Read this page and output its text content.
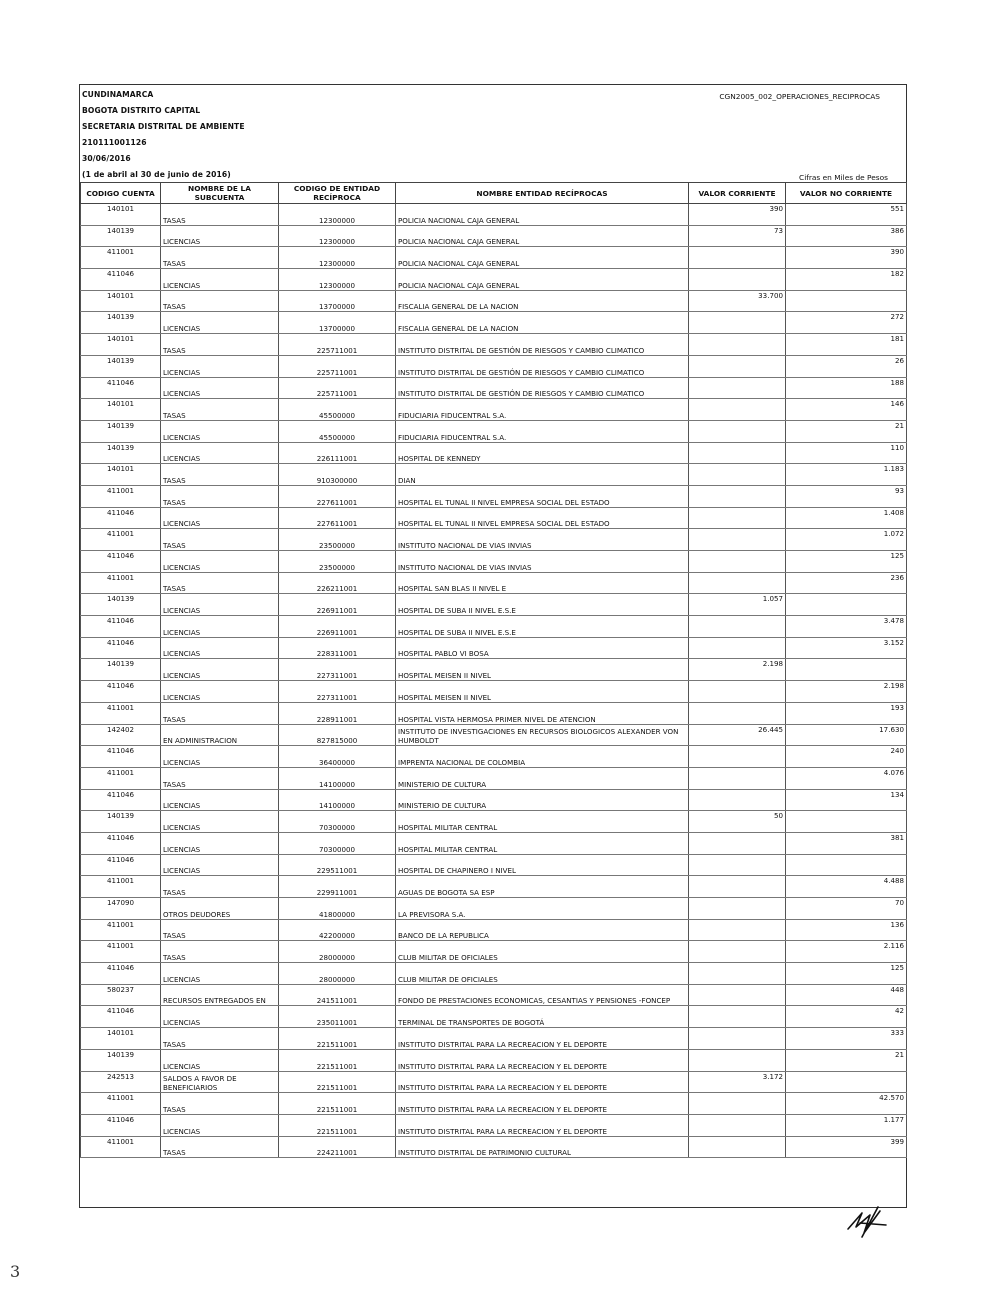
CUNDINAMARCA
BOGOTA DISTRITO CAPITAL
SECRETARIA DISTRITAL DE AMBIENTE
210111001126
30/06/2016
(1 de abril al 30 de junio de 2016)
CGN2005_002_OPERACIONES_RECIPROCAS
Cifras en Miles de Pesos
CODIGO CUENTA	NOMBRE DE LA SUBCUENTA	CODIGO DE ENTIDAD RECÍPROCA	NOMBRE ENTIDAD RECÍPROCAS	VALOR CORRIENTE	VALOR NO CORRIENTE
140101	TASAS	12300000	POLICIA NACIONAL CAJA GENERAL	390	551
140139	LICENCIAS	12300000	POLICIA NACIONAL CAJA GENERAL	73	386
411001	TASAS	12300000	POLICIA NACIONAL CAJA GENERAL		390
411046	LICENCIAS	12300000	POLICIA NACIONAL CAJA GENERAL		182
140101	TASAS	13700000	FISCALIA GENERAL DE LA NACION	33.700	
140139	LICENCIAS	13700000	FISCALIA GENERAL DE LA NACION		272
140101	TASAS	225711001	INSTITUTO DISTRITAL DE GESTIÓN DE RIESGOS Y CAMBIO CLIMATICO		181
140139	LICENCIAS	225711001	INSTITUTO DISTRITAL DE GESTIÓN DE RIESGOS Y CAMBIO CLIMATICO		26
411046	LICENCIAS	225711001	INSTITUTO DISTRITAL DE GESTIÓN DE RIESGOS Y CAMBIO CLIMATICO		188
140101	TASAS	45500000	FIDUCIARIA FIDUCENTRAL S.A.		146
140139	LICENCIAS	45500000	FIDUCIARIA FIDUCENTRAL S.A.		21
140139	LICENCIAS	226111001	HOSPITAL DE KENNEDY		110
140101	TASAS	910300000	DIAN		1.183
411001	TASAS	227611001	HOSPITAL EL TUNAL II NIVEL EMPRESA SOCIAL DEL ESTADO		93
411046	LICENCIAS	227611001	HOSPITAL EL TUNAL II NIVEL EMPRESA SOCIAL DEL ESTADO		1.408
411001	TASAS	23500000	INSTITUTO NACIONAL DE VIAS INVIAS		1.072
411046	LICENCIAS	23500000	INSTITUTO NACIONAL DE VIAS INVIAS		125
411001	TASAS	226211001	HOSPITAL SAN BLAS II NIVEL E		236
140139	LICENCIAS	226911001	HOSPITAL DE SUBA II NIVEL E.S.E	1.057	
411046	LICENCIAS	226911001	HOSPITAL DE SUBA II NIVEL E.S.E		3.478
411046	LICENCIAS	228311001	HOSPITAL PABLO VI BOSA		3.152
140139	LICENCIAS	227311001	HOSPITAL MEISEN II NIVEL	2.198	
411046	LICENCIAS	227311001	HOSPITAL MEISEN II NIVEL		2.198
411001	TASAS	228911001	HOSPITAL VISTA HERMOSA PRIMER NIVEL DE ATENCION		193
142402	EN ADMINISTRACION	827815000	INSTITUTO DE INVESTIGACIONES EN RECURSOS BIOLOGICOS ALEXANDER VON HUMBOLDT	26.445	17.630
411046	LICENCIAS	36400000	IMPRENTA NACIONAL DE COLOMBIA		240
411001	TASAS	14100000	MINISTERIO DE CULTURA		4.076
411046	LICENCIAS	14100000	MINISTERIO DE CULTURA		134
140139	LICENCIAS	70300000	HOSPITAL MILITAR CENTRAL	50	
411046	LICENCIAS	70300000	HOSPITAL MILITAR CENTRAL		381
411046	LICENCIAS	229511001	HOSPITAL DE CHAPINERO I NIVEL		
411001	TASAS	229911001	AGUAS DE BOGOTA SA ESP		4.488
147090	OTROS DEUDORES	41800000	LA PREVISORA S.A.		70
411001	TASAS	42200000	BANCO DE LA REPUBLICA		136
411001	TASAS	28000000	CLUB MILITAR DE OFICIALES		2.116
411046	LICENCIAS	28000000	CLUB MILITAR DE OFICIALES		125
580237	RECURSOS ENTREGADOS EN	241511001	FONDO DE PRESTACIONES ECONOMICAS, CESANTIAS Y PENSIONES -FONCEP		448
411046	LICENCIAS	235011001	TERMINAL DE TRANSPORTES DE BOGOTÁ		42
140101	TASAS	221511001	INSTITUTO DISTRITAL PARA LA RECREACION Y EL DEPORTE		333
140139	LICENCIAS	221511001	INSTITUTO DISTRITAL PARA LA RECREACION Y EL DEPORTE		21
242513	SALDOS A FAVOR DE BENEFICIARIOS	221511001	INSTITUTO DISTRITAL PARA LA RECREACION Y EL DEPORTE	3.172	
411001	TASAS	221511001	INSTITUTO DISTRITAL PARA LA RECREACION Y EL DEPORTE		42.570
411046	LICENCIAS	221511001	INSTITUTO DISTRITAL PARA LA RECREACION Y EL DEPORTE		1.177
411001	TASAS	224211001	INSTITUTO DISTRITAL DE PATRIMONIO CULTURAL		399
3
